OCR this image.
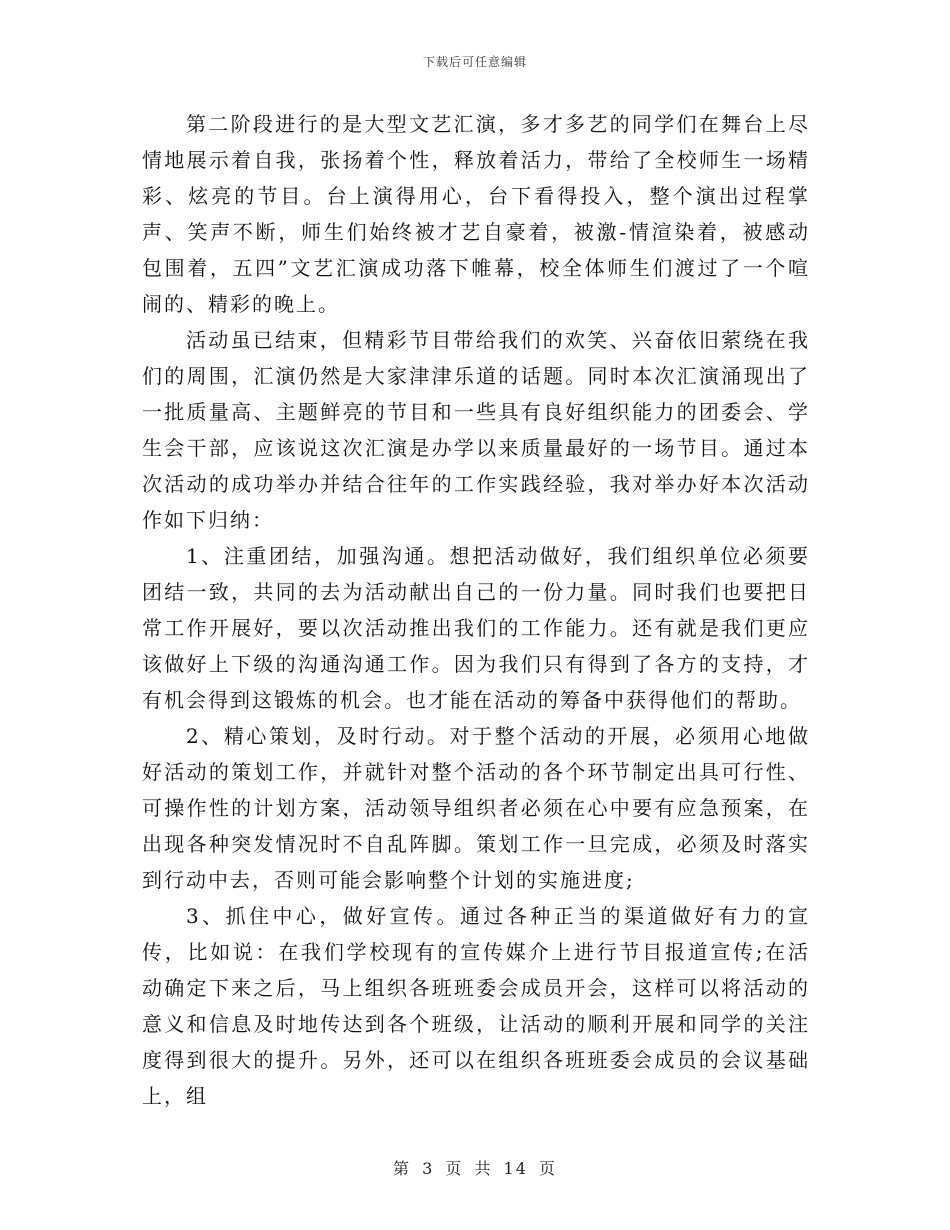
下载后可任意编辑

第二阶段进行的是大型文艺汇演，多才多艺的同学们在舞台上尽情地展示着自我，张扬着个性，释放着活力，带给了全校师生一场精彩、炫亮的节目。台上演得用心，台下看得投入，整个演出过程掌声、笑声不断，师生们始终被才艺自豪着，被激-情渲染着，被感动包围着，五四”文艺汇演成功落下帷幕，校全体师生们渡过了一个喧闹的、精彩的晚上。

活动虽已结束，但精彩节目带给我们的欢笑、兴奋依旧萦绕在我们的周围，汇演仍然是大家津津乐道的话题。同时本次汇演涌现出了一批质量高、主题鲜亮的节目和一些具有良好组织能力的团委会、学生会干部，应该说这次汇演是办学以来质量最好的一场节目。通过本次活动的成功举办并结合往年的工作实践经验，我对举办好本次活动作如下归纳：

1、注重团结，加强沟通。想把活动做好，我们组织单位必须要团结一致，共同的去为活动献出自己的一份力量。同时我们也要把日常工作开展好，要以次活动推出我们的工作能力。还有就是我们更应该做好上下级的沟通沟通工作。因为我们只有得到了各方的支持，才有机会得到这锻炼的机会。也才能在活动的筹备中获得他们的帮助。

2、精心策划，及时行动。对于整个活动的开展，必须用心地做好活动的策划工作，并就针对整个活动的各个环节制定出具可行性、可操作性的计划方案，活动领导组织者必须在心中要有应急预案，在出现各种突发情况时不自乱阵脚。策划工作一旦完成，必须及时落实到行动中去，否则可能会影响整个计划的实施进度;

3、抓住中心，做好宣传。通过各种正当的渠道做好有力的宣传，比如说：在我们学校现有的宣传媒介上进行节目报道宣传;在活动确定下来之后，马上组织各班班委会成员开会，这样可以将活动的意义和信息及时地传达到各个班级，让活动的顺利开展和同学的关注度得到很大的提升。另外，还可以在组织各班班委会成员的会议基础上，组

第 3 页 共 14 页
